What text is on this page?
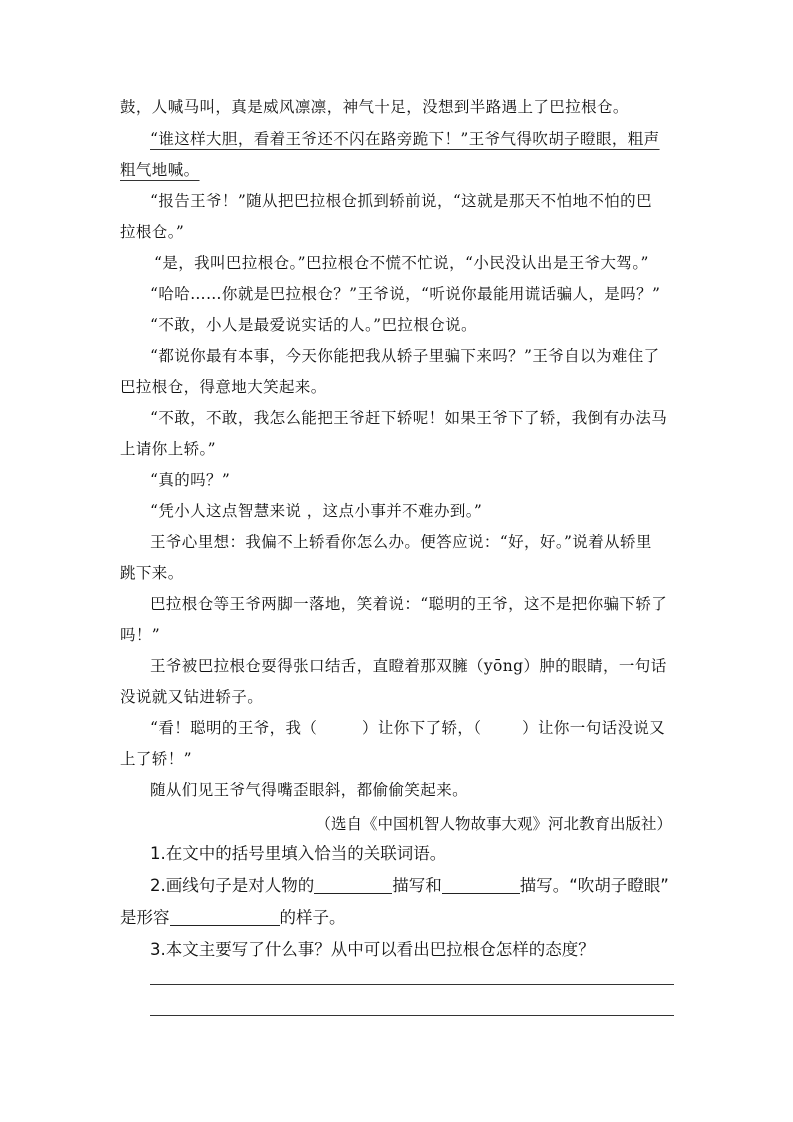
鼓，人喊马叫，真是威风凛凛，神气十足，没想到半路遇上了巴拉根仓。

“谁这样大胆，看着王爷还不闪在路旁跪下！”王爷气得吹胡子瞪眼，粗声
粗气地喊。

“报告王爷！”随从把巴拉根仓抓到轿前说，“这就是那天不怕地不怕的巴
拉根仓。”

“是，我叫巴拉根仓。”巴拉根仓不慌不忙说，“小民没认出是王爷大驾。”

“哈哈……你就是巴拉根仓？”王爷说，“听说你最能用谎话骗人，是吗？”

“不敢，小人是最爱说实话的人。”巴拉根仓说。

“都说你最有本事，今天你能把我从轿子里骗下来吗？”王爷自以为难住了
巴拉根仓，得意地大笑起来。

“不敢，不敢，我怎么能把王爷赶下轿呢！如果王爷下了轿，我倒有办法马
上请你上轿。”

“真的吗？”

“凭小人这点智慧来说 ，这点小事并不难办到。”

王爷心里想：我偏不上轿看你怎么办。便答应说：“好，好。”说着从轿里
跳下来。

巴拉根仓等王爷两脚一落地，笑着说：“聪明的王爷，这不是把你骗下轿了
吗！”

王爷被巴拉根仓耍得张口结舌，直瞪着那双臃（yōng）肿的眼睛，一句话
没说就又钻进轿子。

“看！聪明的王爷，我（	）让你下了轿，（	）让你一句话没说又
上了轿！”

随从们见王爷气得嘴歪眼斜，都偷偷笑起来。

（选自《中国机智人物故事大观》河北教育出版社）
1.在文中的括号里填入恰当的关联词语。
2.画线句子是对人物的	描写和	描写。“吹胡子瞪眼”
是形容	的样子。
3.本文主要写了什么事？从中可以看出巴拉根仓怎样的态度？
